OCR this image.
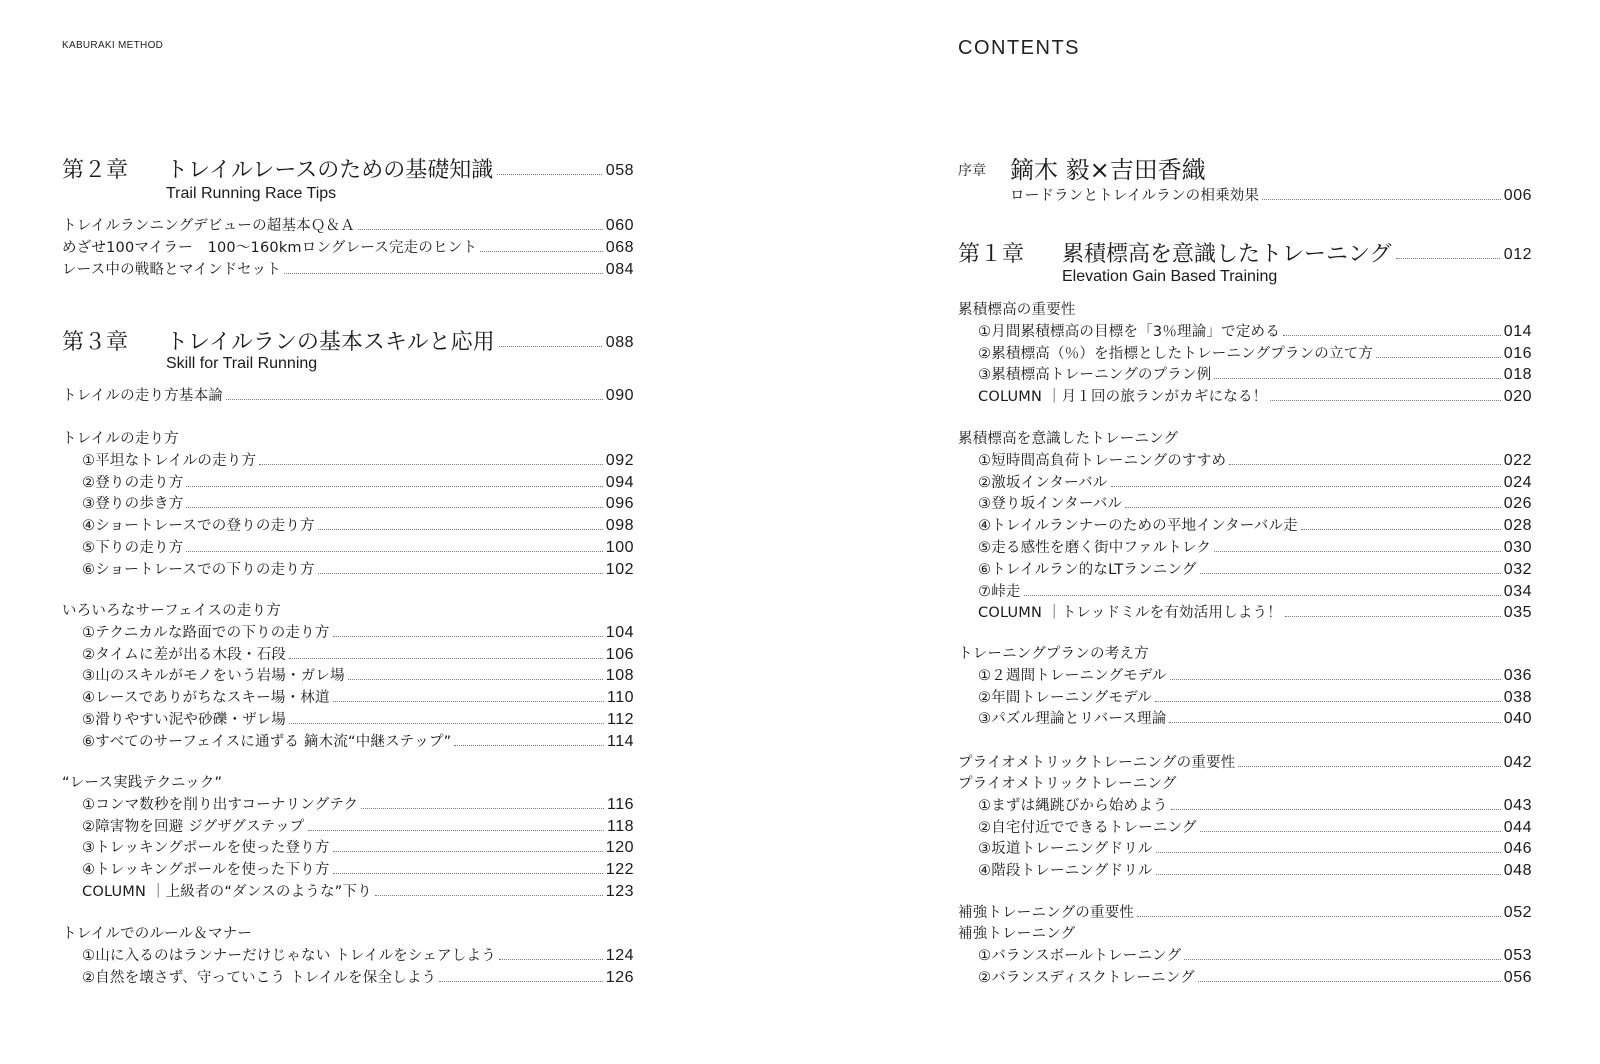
KABURAKI METHOD	CONTENTS
第２章	トレイルレースのための基礎知識	058
Trail Running Race Tips
トレイルランニングデビューの超基本Ｑ＆Ａ	060
めざせ100マイラー　100〜160kmロングレース完走のヒント	068
レース中の戦略とマインドセット	084
第３章	トレイルランの基本スキルと応用	088
Skill for Trail Running
トレイルの走り方基本論	090
トレイルの走り方
①平坦なトレイルの走り方	092
②登りの走り方	094
③登りの歩き方	096
④ショートレースでの登りの走り方	098
⑤下りの走り方	100
⑥ショートレースでの下りの走り方	102
いろいろなサーフェイスの走り方
①テクニカルな路面での下りの走り方	104
②タイムに差が出る木段・石段	106
③山のスキルがモノをいう岩場・ガレ場	108
④レースでありがちなスキー場・林道	110
⑤滑りやすい泥や砂礫・ザレ場	112
⑥すべてのサーフェイスに通ずる 鏑木流“中継ステップ”	114
“レース実践テクニック”
①コンマ数秒を削り出すコーナリングテク	116
②障害物を回避 ジグザグステップ	118
③トレッキングポールを使った登り方	120
④トレッキングポールを使った下り方	122
COLUMN ｜上級者の“ダンスのような”下り	123
トレイルでのルール＆マナー
①山に入るのはランナーだけじゃない トレイルをシェアしよう	124
②自然を壊さず、守っていこう トレイルを保全しよう	126
序章 鏑木 毅×吉田香織
ロードランとトレイルランの相乗効果	006
第１章	累積標高を意識したトレーニング	012
Elevation Gain Based Training
累積標高の重要性
①月間累積標高の目標を「3％理論」で定める	014
②累積標高（％）を指標としたトレーニングプランの立て方	016
③累積標高トレーニングのプラン例	018
COLUMN ｜月１回の旅ランがカギになる！	020
累積標高を意識したトレーニング
①短時間高負荷トレーニングのすすめ	022
②激坂インターバル	024
③登り坂インターバル	026
④トレイルランナーのための平地インターバル走	028
⑤走る感性を磨く街中ファルトレク	030
⑥トレイルラン的なLTランニング	032
⑦峠走	034
COLUMN ｜トレッドミルを有効活用しよう！	035
トレーニングプランの考え方
①２週間トレーニングモデル	036
②年間トレーニングモデル	038
③パズル理論とリバース理論	040
プライオメトリックトレーニングの重要性	042
プライオメトリックトレーニング
①まずは縄跳びから始めよう	043
②自宅付近でできるトレーニング	044
③坂道トレーニングドリル	046
④階段トレーニングドリル	048
補強トレーニングの重要性	052
補強トレーニング
①バランスボールトレーニング	053
②バランスディスクトレーニング	056
